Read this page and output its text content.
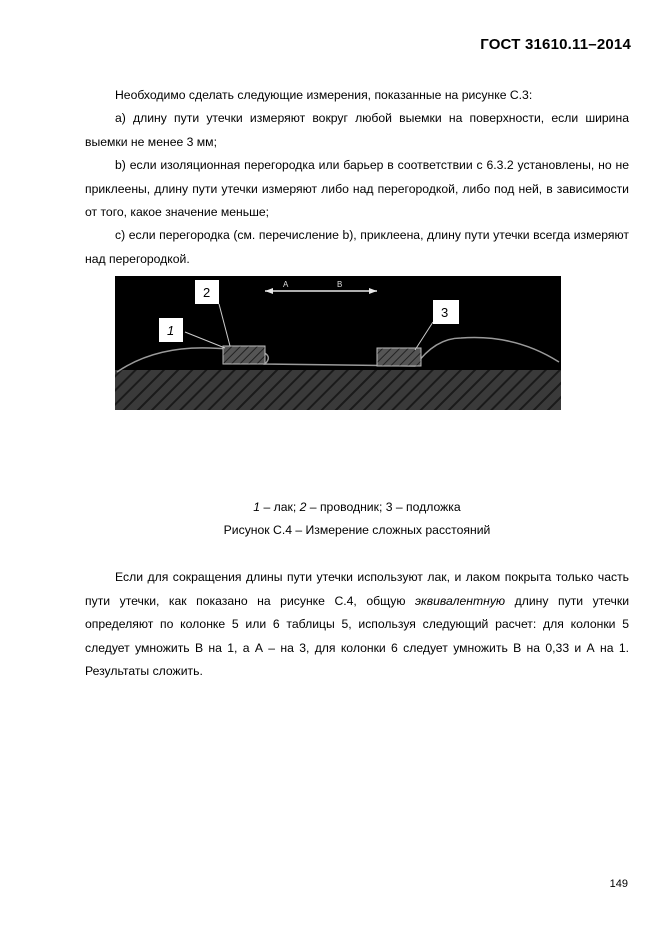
ГОСТ 31610.11–2014
Необходимо сделать следующие измерения, показанные на рисунке С.3:
а) длину пути утечки измеряют вокруг любой выемки на поверхности, если ширина выемки не менее 3 мм;
b) если изоляционная перегородка или барьер в соответствии с 6.3.2 установлены, но не приклеены, длину пути утечки измеряют либо над перегородкой, либо под ней, в зависимости от того, какое значение меньше;
с) если перегородка (см. перечисление b), приклеена, длину пути утечки всегда измеряют над перегородкой.
A	B
1
2
3
1 – лак; 2 – проводник; 3 – подложка
Рисунок С.4 – Измерение сложных расстояний
Если для сокращения длины пути утечки используют лак, и лаком покрыта только часть пути утечки, как показано на рисунке С.4, общую эквивалентную длину пути утечки определяют по колонке 5 или 6 таблицы 5, используя следующий расчет: для колонки 5 следует умножить В на 1, а А – на 3, для колонки 6 следует умножить В на 0,33 и А на 1. Результаты сложить.
149
